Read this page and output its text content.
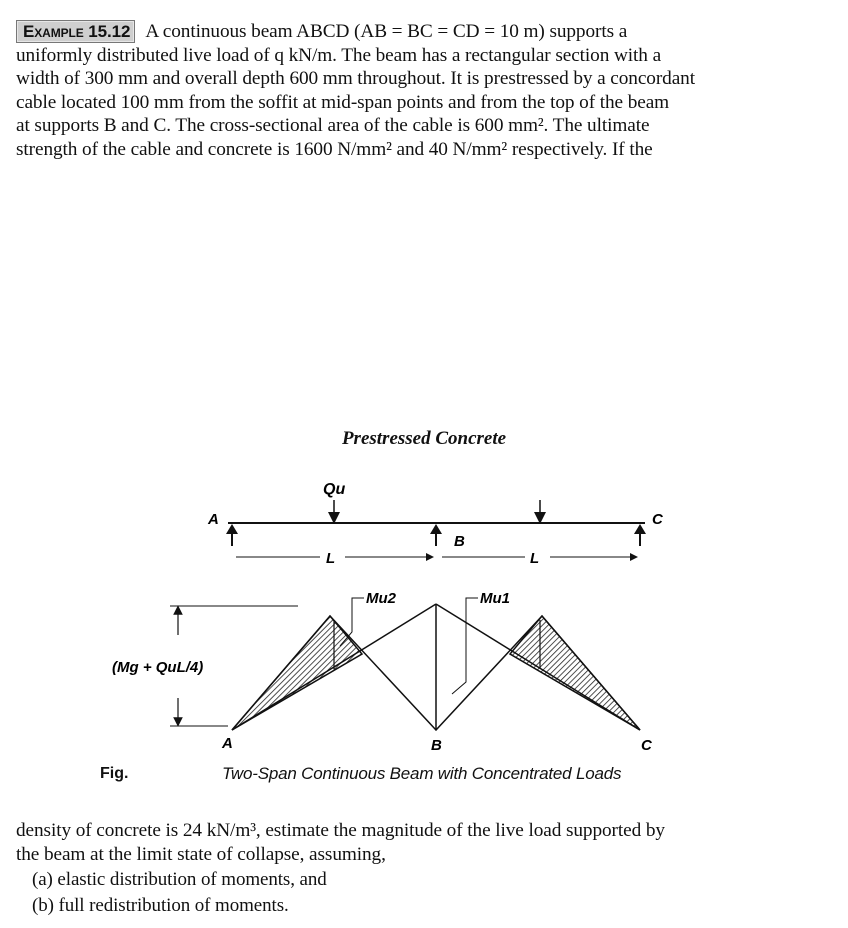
Example 15.12 A continuous beam ABCD (AB = BC = CD = 10 m) supports a
uniformly distributed live load of q kN/m. The beam has a rectangular section with a
width of 300 mm and overall depth 600 mm throughout. It is prestressed by a concordant
cable located 100 mm from the soffit at mid-span points and from the top of the beam
at supports B and C. The cross-sectional area of the cable is 600 mm². The ultimate
strength of the cable and concrete is 1600 N/mm² and 40 N/mm² respectively. If the
Prestressed Concrete
Qu
A
B
C
L	L
Mu2	Mu1
(Mg + QuL/4)
A	B	C
Fig.	Two-Span Continuous Beam with Concentrated Loads
density of concrete is 24 kN/m³, estimate the magnitude of the live load supported by
the beam at the limit state of collapse, assuming,
(a) elastic distribution of moments, and
(b) full redistribution of moments.
